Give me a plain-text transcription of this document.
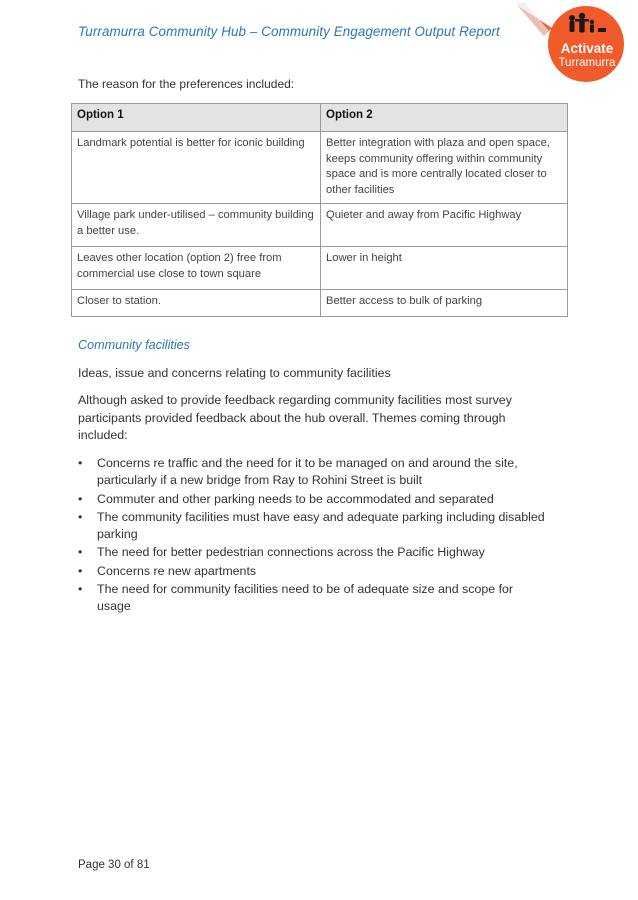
Turramurra Community Hub – Community Engagement Output Report
Activate
Turramurra
The reason for the preferences included:
Option 1	Option 2
Landmark potential is better for iconic building	Better integration with plaza and open space, keeps community offering within community space and is more centrally located closer to other facilities
Village park under-utilised – community building a better use.	Quieter and away from Pacific Highway
Leaves other location (option 2) free from commercial use close to town square	Lower in height
Closer to station.	Better access to bulk of parking
Community facilities
Ideas, issue and concerns relating to community facilities
Although asked to provide feedback regarding community facilities most survey participants provided feedback about the hub overall. Themes coming through included:
• Concerns re traffic and the need for it to be managed on and around the site, particularly if a new bridge from Ray to Rohini Street is built
• Commuter and other parking needs to be accommodated and separated
• The community facilities must have easy and adequate parking including disabled parking
• The need for better pedestrian connections across the Pacific Highway
• Concerns re new apartments
• The need for community facilities need to be of adequate size and scope for usage
Page 30 of 81
